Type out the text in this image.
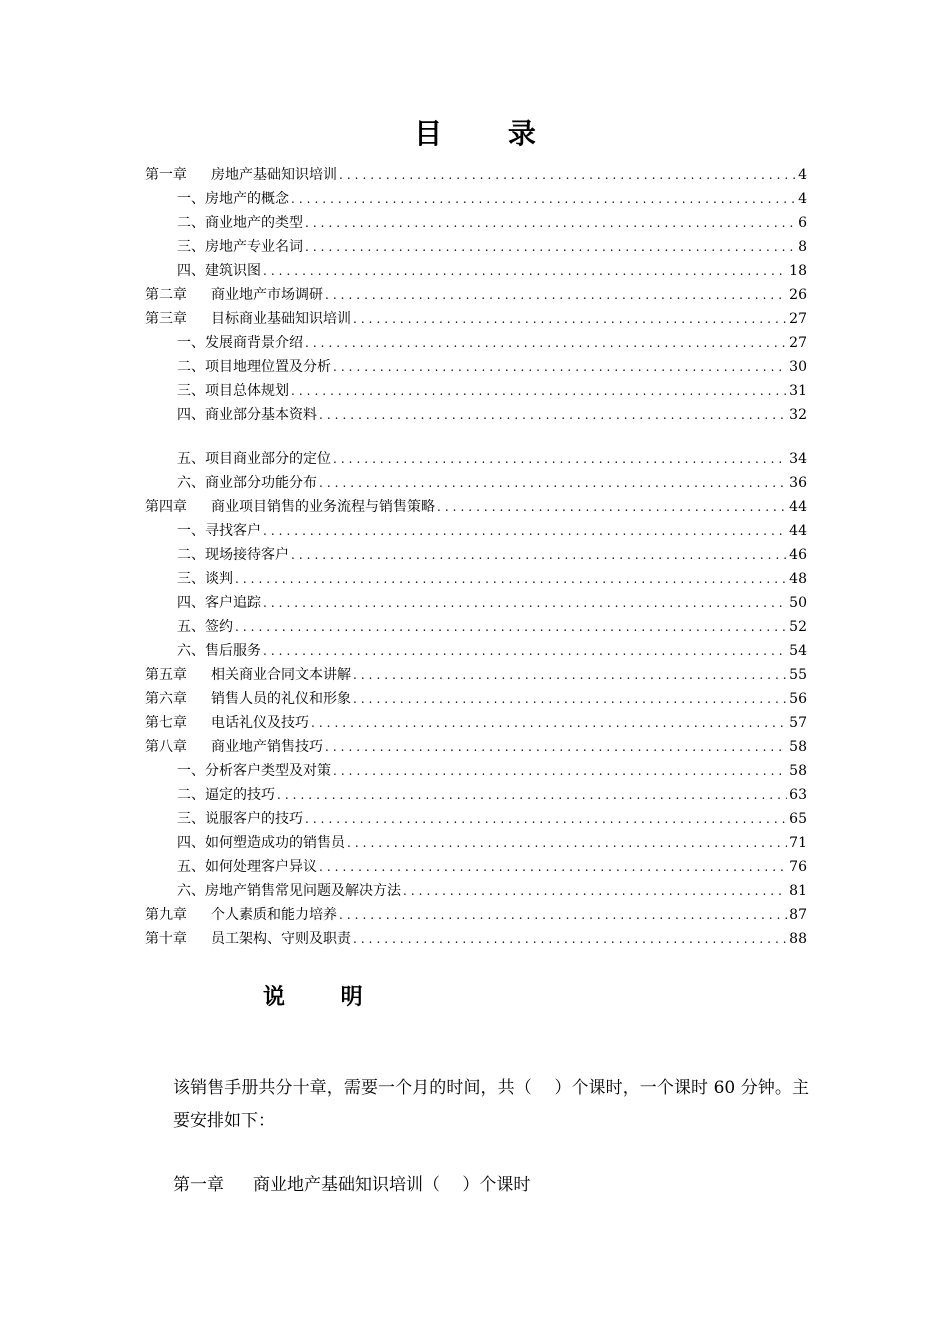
目 录
第一章 房地产基础知识培训 .....	4
一、房地产的概念 .....	4
二、商业地产的类型 .....	6
三、房地产专业名词 .....	8
四、建筑识图 .....	18
第二章 商业地产市场调研 .....	26
第三章 目标商业基础知识培训 .....	27
一、发展商背景介绍 .....	27
二、项目地理位置及分析 .....	30
三、项目总体规划 .....	31
四、商业部分基本资料 .....	32
五、项目商业部分的定位 .....	34
六、商业部分功能分布 .....	36
第四章 商业项目销售的业务流程与销售策略 .....	44
一、寻找客户 .....	44
二、现场接待客户 .....	46
三、谈判 .....	48
四、客户追踪 .....	50
五、签约 .....	52
六、售后服务 .....	54
第五章 相关商业合同文本讲解 .....	55
第六章 销售人员的礼仪和形象 .....	56
第七章 电话礼仪及技巧 .....	57
第八章 商业地产销售技巧 .....	58
一、分析客户类型及对策 .....	58
二、逼定的技巧 .....	63
三、说服客户的技巧 .....	65
四、如何塑造成功的销售员 .....	71
五、如何处理客户异议 .....	76
六、房地产销售常见问题及解决方法 .....	81
第九章 个人素质和能力培养 .....	87
第十章 员工架构、守则及职责 .....	88
说 明
该销售手册共分十章，需要一个月的时间，共（　 ）个课时，一个课时 60 分钟。主要安排如下：
第一章 商业地产基础知识培训（　 ）个课时
